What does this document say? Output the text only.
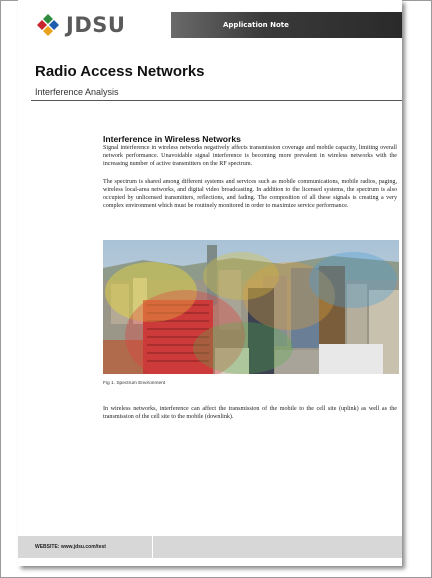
JDSU	Application Note
Radio Access Networks
Interference Analysis
Interference in Wireless Networks

Signal interference in wireless networks negatively affects transmission coverage and mobile capacity, limiting overall network performance. Unavoidable signal interference is becoming more prevalent in wireless networks with the increasing number of active transmitters on the RF spectrum.

The spectrum is shared among different systems and services such as mobile communications, mobile radios, paging, wireless local-area networks, and digital video broadcasting. In addition to the licensed systems, the spectrum is also occupied by unlicensed transmitters, reflections, and fading. The composition of all these signals is creating a very complex environment which must be routinely monitored in order to maximize service performance.

Fig 1. Spectrum Environment

In wireless networks, interference can affect the transmission of the mobile to the cell site (uplink) as well as the transmission of the cell site to the mobile (downlink).

WEBSITE: www.jdsu.com/test
